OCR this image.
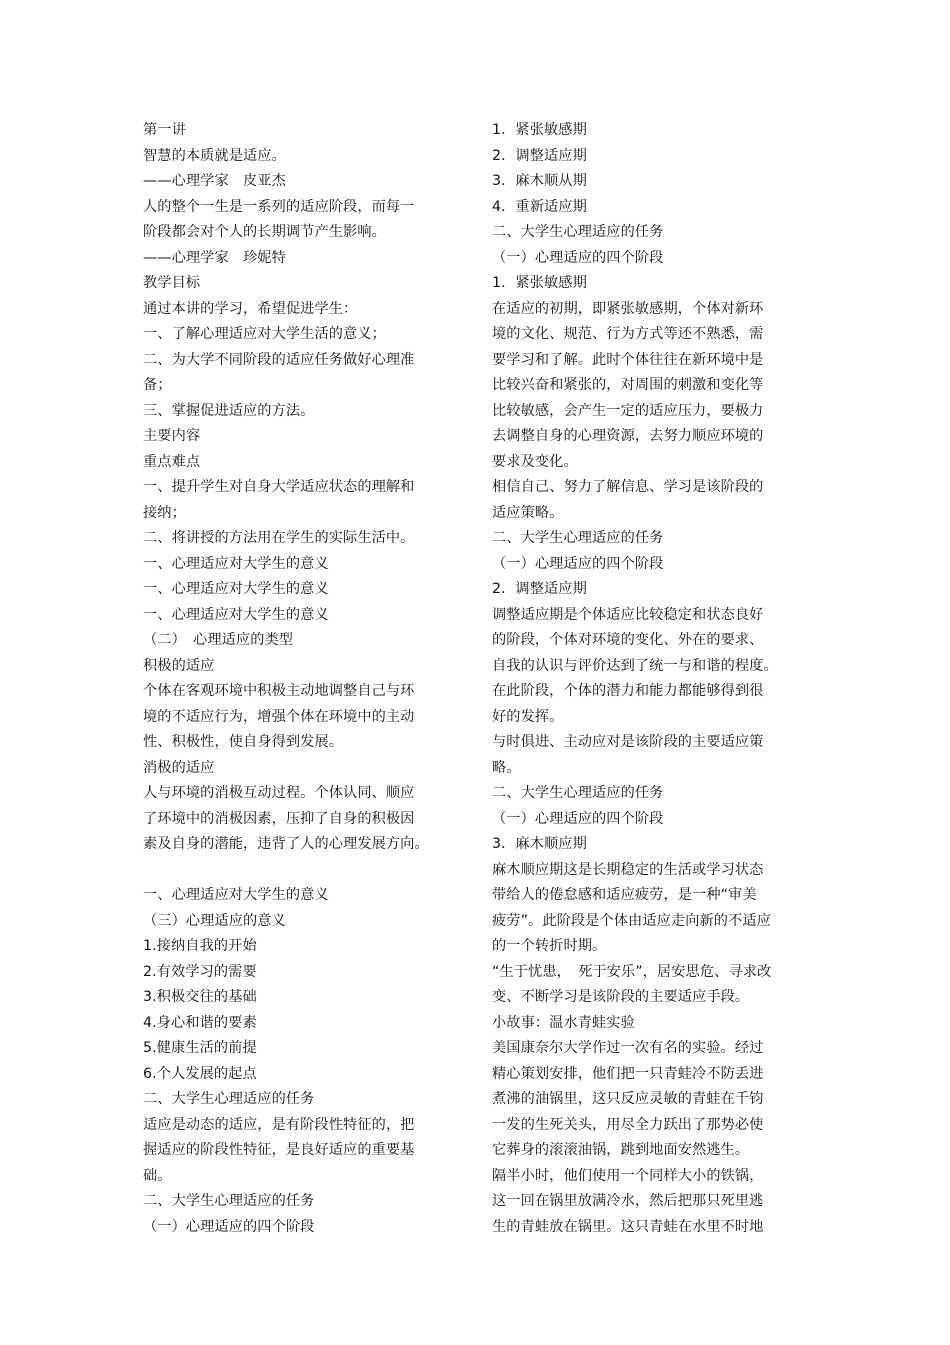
第一讲
智慧的本质就是适应。
——心理学家　皮亚杰
人的整个一生是一系列的适应阶段，而每一
阶段都会对个人的长期调节产生影响。
——心理学家　珍妮特
教学目标
通过本讲的学习，希望促进学生：
一、了解心理适应对大学生活的意义；
二、为大学不同阶段的适应任务做好心理准
备；
三、掌握促进适应的方法。
主要内容
重点难点
一、提升学生对自身大学适应状态的理解和
接纳；
二、将讲授的方法用在学生的实际生活中。
一、心理适应对大学生的意义
一、心理适应对大学生的意义
一、心理适应对大学生的意义
（二）　心理适应的类型
积极的适应
个体在客观环境中积极主动地调整自己与环
境的不适应行为，增强个体在环境中的主动
性、积极性，使自身得到发展。
消极的适应
人与环境的消极互动过程。个体认同、顺应
了环境中的消极因素，压抑了自身的积极因
素及自身的潜能，违背了人的心理发展方向。
一、心理适应对大学生的意义
（三）心理适应的意义
1.接纳自我的开始
2.有效学习的需要
3.积极交往的基础
4.身心和谐的要素
5.健康生活的前提
6.个人发展的起点
二、大学生心理适应的任务
适应是动态的适应，是有阶段性特征的，把
握适应的阶段性特征，是良好适应的重要基
础。
二、大学生心理适应的任务
（一）心理适应的四个阶段
1．紧张敏感期
2．调整适应期
3．麻木顺从期
4．重新适应期
二、大学生心理适应的任务
（一）心理适应的四个阶段
1．紧张敏感期
在适应的初期，即紧张敏感期，个体对新环
境的文化、规范、行为方式等还不熟悉，需
要学习和了解。此时个体往往在新环境中是
比较兴奋和紧张的，对周围的刺激和变化等
比较敏感，会产生一定的适应压力，要极力
去调整自身的心理资源，去努力顺应环境的
要求及变化。
相信自己、努力了解信息、学习是该阶段的
适应策略。
二、大学生心理适应的任务
（一）心理适应的四个阶段
2．调整适应期
调整适应期是个体适应比较稳定和状态良好
的阶段，个体对环境的变化、外在的要求、
自我的认识与评价达到了统一与和谐的程度。
在此阶段，个体的潜力和能力都能够得到很
好的发挥。
与时俱进、主动应对是该阶段的主要适应策
略。
二、大学生心理适应的任务
（一）心理适应的四个阶段
3．麻木顺应期
麻木顺应期这是长期稳定的生活或学习状态
带给人的倦怠感和适应疲劳，是一种“审美
疲劳”。此阶段是个体由适应走向新的不适应
的一个转折时期。
“生于忧患，　死于安乐”，居安思危、寻求改
变、不断学习是该阶段的主要适应手段。
小故事：温水青蛙实验
美国康奈尔大学作过一次有名的实验。经过
精心策划安排，他们把一只青蛙冷不防丢进
煮沸的油锅里，这只反应灵敏的青蛙在千钧
一发的生死关头，用尽全力跃出了那势必使
它葬身的滚滚油锅，跳到地面安然逃生。
隔半小时，他们使用一个同样大小的铁锅，
这一回在锅里放满冷水，然后把那只死里逃
生的青蛙放在锅里。这只青蛙在水里不时地
